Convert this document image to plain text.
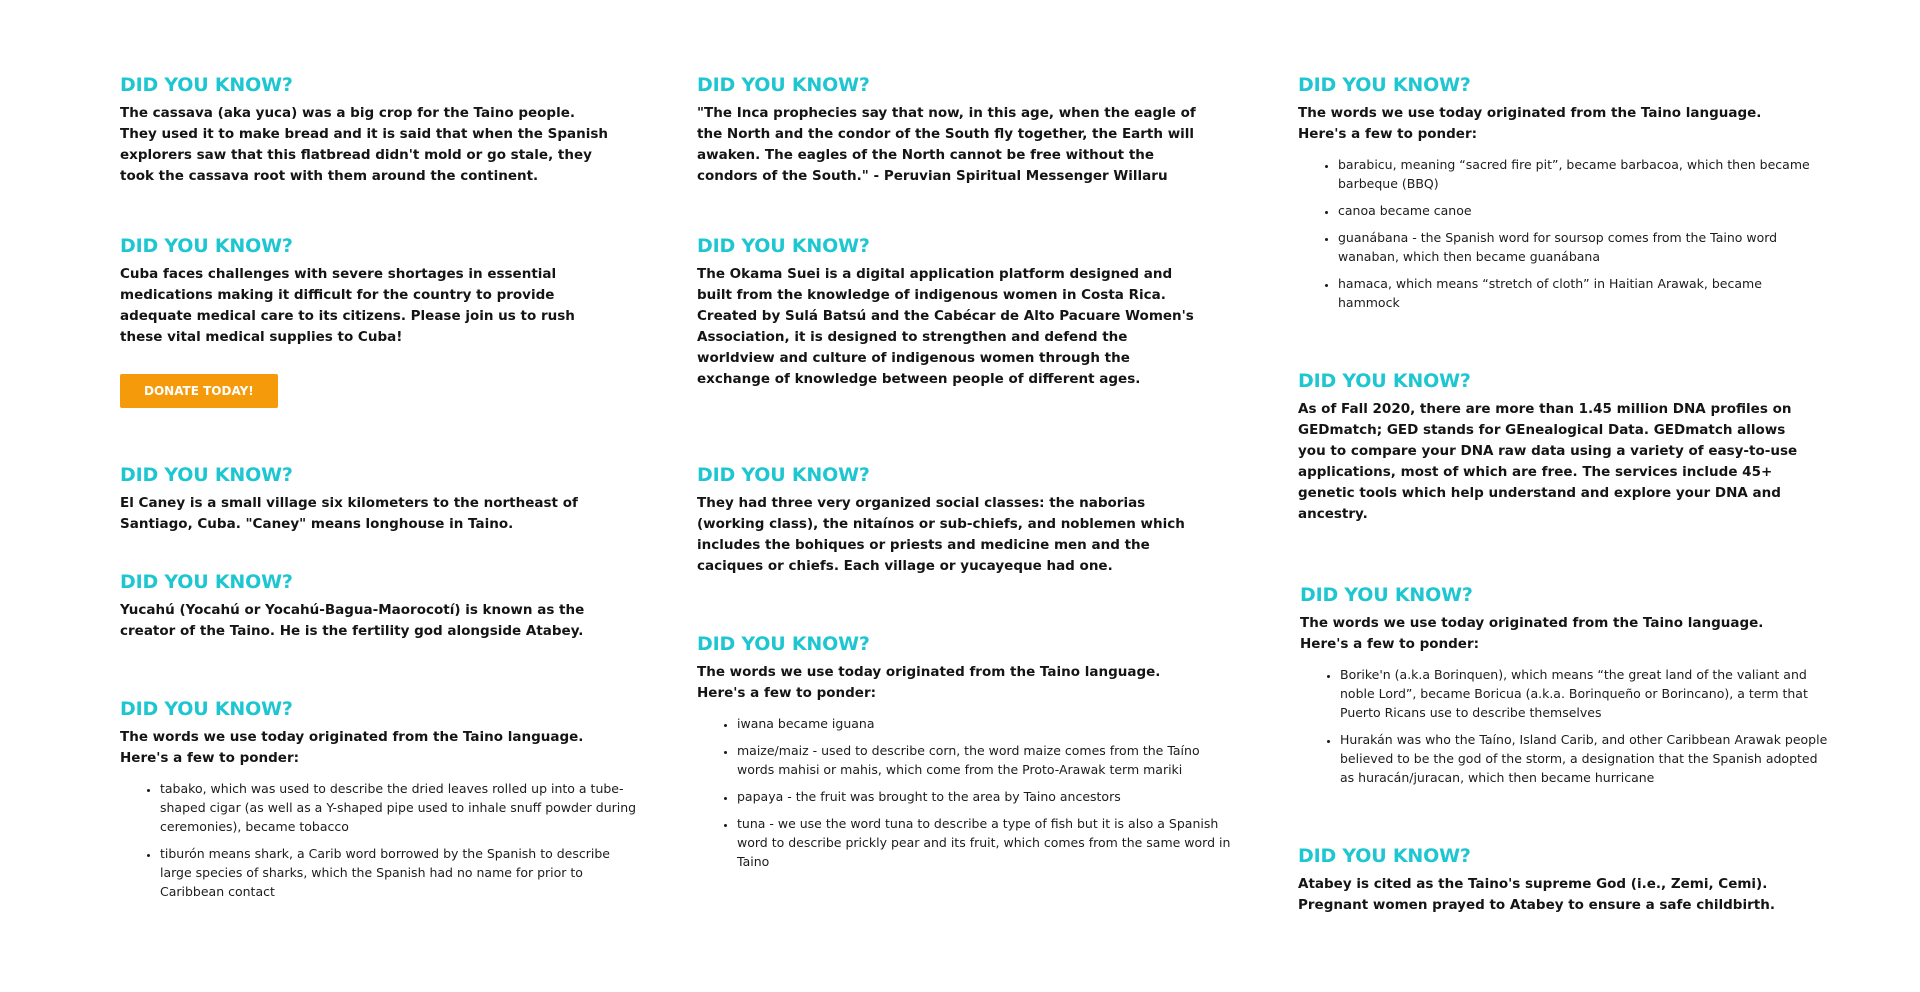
DID YOU KNOW?

The cassava (aka yuca) was a big crop for the Taino people. They used it to make bread and it is said that when the Spanish explorers saw that this flatbread didn't mold or go stale, they took the cassava root with them around the continent.

DID YOU KNOW?

Cuba faces challenges with severe shortages in essential medications making it difficult for the country to provide adequate medical care to its citizens. Please join us to rush these vital medical supplies to Cuba!

DONATE TODAY!
DID YOU KNOW?

El Caney is a small village six kilometers to the northeast of Santiago, Cuba. "Caney" means longhouse in Taino.

DID YOU KNOW?

Yucahú (Yocahú or Yocahú-Bagua-Maorocotí) is known as the creator of the Taino. He is the fertility god alongside Atabey.

DID YOU KNOW?

The words we use today originated from the Taino language.
Here's a few to ponder:

• tabako, which was used to describe the dried leaves rolled up into a tube-shaped cigar (as well as a Y-shaped pipe used to inhale snuff powder during ceremonies), became tobacco
• tiburón means shark, a Carib word borrowed by the Spanish to describe large species of sharks, which the Spanish had no name for prior to Caribbean contact
DID YOU KNOW?

"The Inca prophecies say that now, in this age, when the eagle of the North and the condor of the South fly together, the Earth will awaken. The eagles of the North cannot be free without the condors of the South." - Peruvian Spiritual Messenger Willaru

DID YOU KNOW?

The Okama Suei is a digital application platform designed and built from the knowledge of indigenous women in Costa Rica. Created by Sulá Batsú and the Cabécar de Alto Pacuare Women's Association, it is designed to strengthen and defend the worldview and culture of indigenous women through the exchange of knowledge between people of different ages.

DID YOU KNOW?

They had three very organized social classes: the naborias (working class), the nitaínos or sub-chiefs, and noblemen which includes the bohiques or priests and medicine men and the caciques or chiefs. Each village or yucayeque had one.

DID YOU KNOW?

The words we use today originated from the Taino language.
Here's a few to ponder:

• iwana became iguana
• maize/maiz - used to describe corn, the word maize comes from the Taíno words mahisi or mahis, which come from the Proto-Arawak term mariki
• papaya - the fruit was brought to the area by Taino ancestors
• tuna - we use the word tuna to describe a type of fish but it is also a Spanish word to describe prickly pear and its fruit, which comes from the same word in Taino
DID YOU KNOW?

The words we use today originated from the Taino language.
Here's a few to ponder:

• barabicu, meaning “sacred fire pit”, became barbacoa, which then became barbeque (BBQ)
• canoa became canoe
• guanábana - the Spanish word for soursop comes from the Taino word wanaban, which then became guanábana
• hamaca, which means “stretch of cloth” in Haitian Arawak, became hammock
DID YOU KNOW?

As of Fall 2020, there are more than 1.45 million DNA profiles on GEDmatch; GED stands for GEnealogical Data. GEDmatch allows you to compare your DNA raw data using a variety of easy-to-use applications, most of which are free. The services include 45+ genetic tools which help understand and explore your DNA and ancestry.

DID YOU KNOW?

The words we use today originated from the Taino language.
Here's a few to ponder:

• Borike'n (a.k.a Borinquen), which means “the great land of the valiant and noble Lord”, became Boricua (a.k.a. Borinqueño or Borincano), a term that Puerto Ricans use to describe themselves
• Hurakán was who the Taíno, Island Carib, and other Caribbean Arawak people believed to be the god of the storm, a designation that the Spanish adopted as huracán/juracan, which then became hurricane
DID YOU KNOW?

Atabey is cited as the Taino's supreme God (i.e., Zemi, Cemi). Pregnant women prayed to Atabey to ensure a safe childbirth.
